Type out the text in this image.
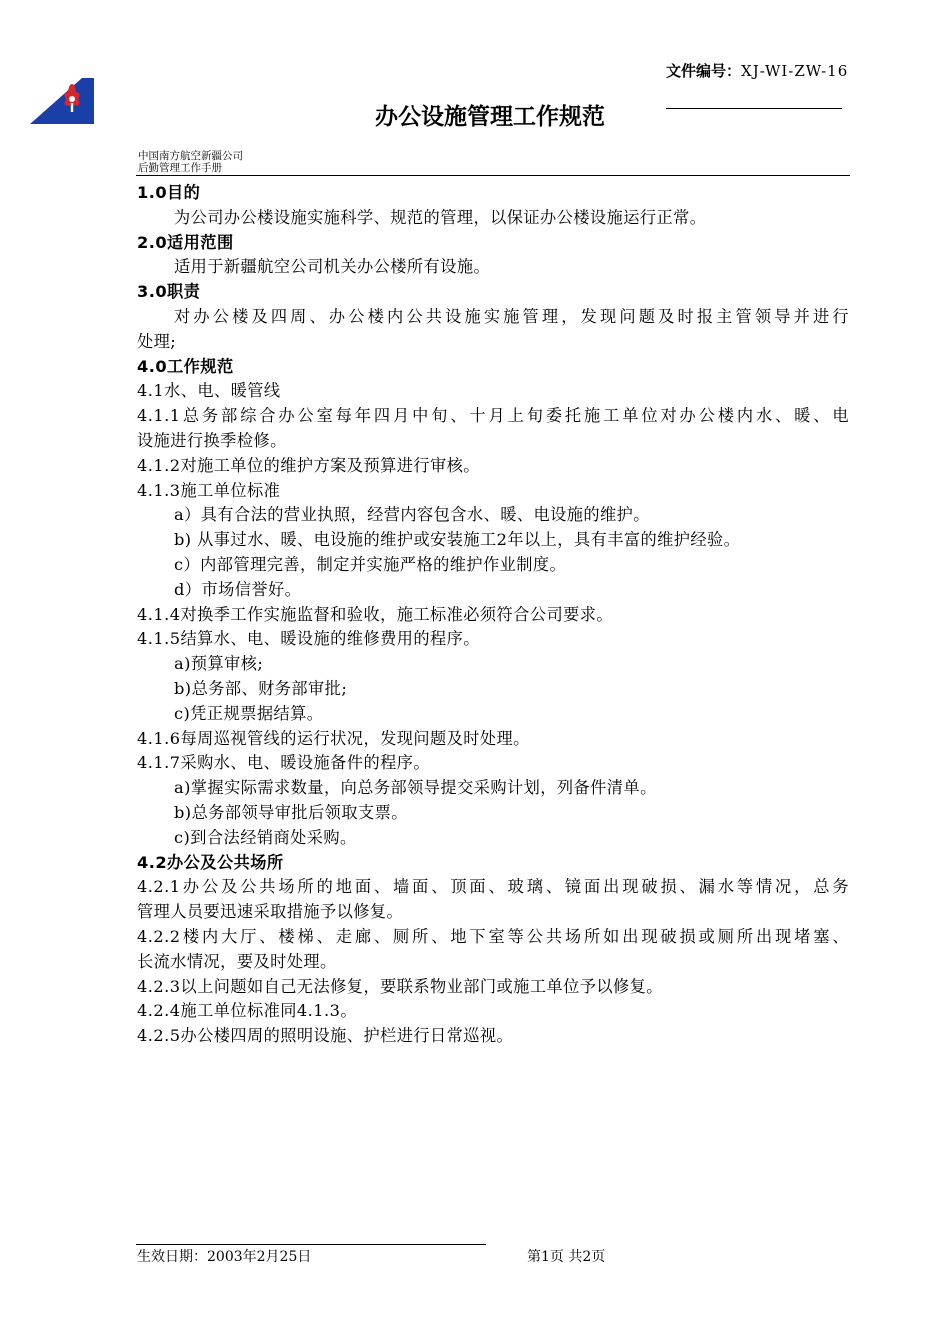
文件编号：XJ-WI-ZW-16
办公设施管理工作规范
中国南方航空新疆公司
后勤管理工作手册
1.0目的
为公司办公楼设施实施科学、规范的管理，以保证办公楼设施运行正常。
2.0适用范围
适用于新疆航空公司机关办公楼所有设施。
3.0职责
对办公楼及四周、办公楼内公共设施实施管理，发现问题及时报主管领导并进行
处理;
4.0工作规范
4.1水、电、暖管线
4.1.1总务部综合办公室每年四月中旬、十月上旬委托施工单位对办公楼内水、暖、电
设施进行换季检修。
4.1.2对施工单位的维护方案及预算进行审核。
4.1.3施工单位标准
a）具有合法的营业执照，经营内容包含水、暖、电设施的维护。
b) 从事过水、暖、电设施的维护或安装施工2年以上，具有丰富的维护经验。
c）内部管理完善，制定并实施严格的维护作业制度。
d）市场信誉好。
4.1.4对换季工作实施监督和验收，施工标准必须符合公司要求。
4.1.5结算水、电、暖设施的维修费用的程序。
a)预算审核;
b)总务部、财务部审批;
c)凭正规票据结算。
4.1.6每周巡视管线的运行状况，发现问题及时处理。
4.1.7采购水、电、暖设施备件的程序。
a)掌握实际需求数量，向总务部领导提交采购计划，列备件清单。
b)总务部领导审批后领取支票。
c)到合法经销商处采购。
4.2办公及公共场所
4.2.1办公及公共场所的地面、墙面、顶面、玻璃、镜面出现破损、漏水等情况，总务
管理人员要迅速采取措施予以修复。
4.2.2楼内大厅、楼梯、走廊、厕所、地下室等公共场所如出现破损或厕所出现堵塞、
长流水情况，要及时处理。
4.2.3以上问题如自己无法修复，要联系物业部门或施工单位予以修复。
4.2.4施工单位标准同4.1.3。
4.2.5办公楼四周的照明设施、护栏进行日常巡视。
生效日期：2003年2月25日	第1页 共2页
